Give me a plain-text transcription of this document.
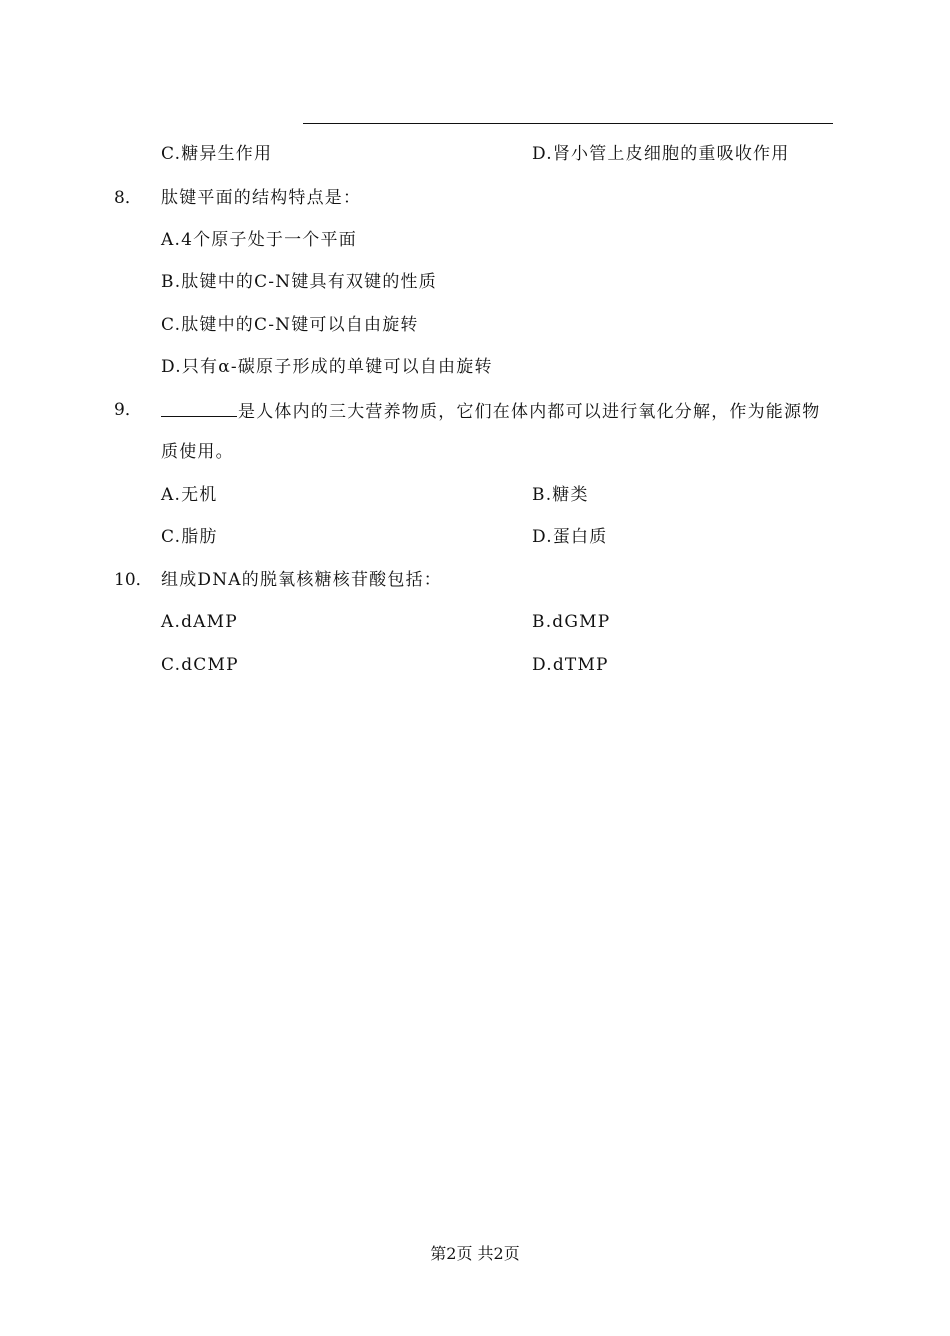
C.糖异生作用	D.肾小管上皮细胞的重吸收作用
8． 肽键平面的结构特点是：
A.4个原子处于一个平面
B.肽键中的C-N键具有双键的性质
C.肽键中的C-N键可以自由旋转
D.只有α-碳原子形成的单键可以自由旋转
9．	是人体内的三大营养物质，它们在体内都可以进行氧化分解，作为能源物
质使用。
A.无机	B.糖类
C.脂肪	D.蛋白质
10． 组成DNA的脱氧核糖核苷酸包括：
A.dAMP	B.dGMP
C.dCMP	D.dTMP
第2页 共2页
